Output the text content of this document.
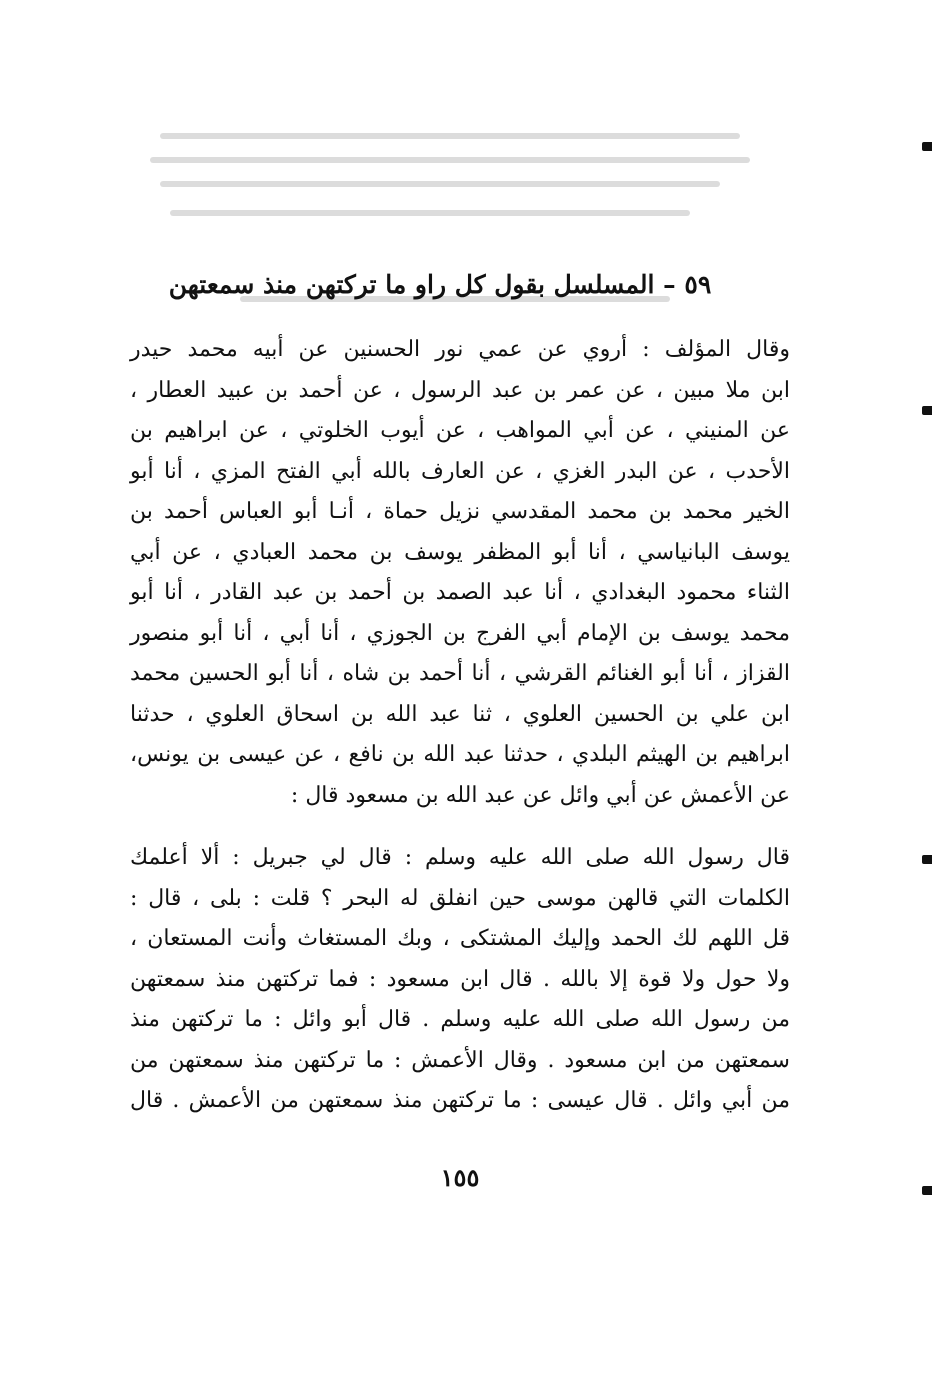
٥٩ – المسلسل بقول كل راو ما تركتهن منذ سمعتهن
وقال المؤلف : أروي عن عمي نور الحسنين عن أبيه محمد حيدر
ابن ملا مبين ، عن عمر بن عبد الرسول ، عن أحمد بن عبيد العطار ،
عن المنيني ، عن أبي المواهب ، عن أيوب الخلوتي ، عن ابراهيم بن
الأحدب ، عن البدر الغزي ، عن العارف بالله أبي الفتح المزي ، أنا أبو
الخير محمد بن محمد المقدسي نزيل حماة ، أنـا أبو العباس أحمد بن
يوسف البانياسي ، أنا أبو المظفر يوسف بن محمد العبادي ، عن أبي
الثناء محمود البغدادي ، أنا عبد الصمد بن أحمد بن عبد القادر ، أنا أبو
محمد يوسف بن الإمام أبي الفرج بن الجوزي ، أنا أبي ، أنا أبو منصور
القزاز ، أنا أبو الغنائم القرشي ، أنا أحمد بن شاه ، أنا أبو الحسين محمد
ابن علي بن الحسين العلوي ، ثنا عبد الله بن اسحاق العلوي ، حدثنا
ابراهيم بن الهيثم البلدي ، حدثنا عبد الله بن نافع ، عن عيسى بن يونس،
عن الأعمش عن أبي وائل عن عبد الله بن مسعود قال :
قال رسول الله صلى الله عليه وسلم : قال لي جبريل : ألا أعلمك
الكلمات التي قالهن موسى حين انفلق له البحر ؟ قلت : بلى ، قال :
قل اللهم لك الحمد وإليك المشتكى ، وبك المستغاث وأنت المستعان ،
ولا حول ولا قوة إلا بالله . قال ابن مسعود : فما تركتهن منذ سمعتهن
من رسول الله صلى الله عليه وسلم . قال أبو وائل : ما تركتهن منذ
سمعتهن من ابن مسعود . وقال الأعمش : ما تركتهن منذ سمعتهن من
من أبي وائل . قال عيسى : ما تركتهن منذ سمعتهن من الأعمش . قال
١٥٥
